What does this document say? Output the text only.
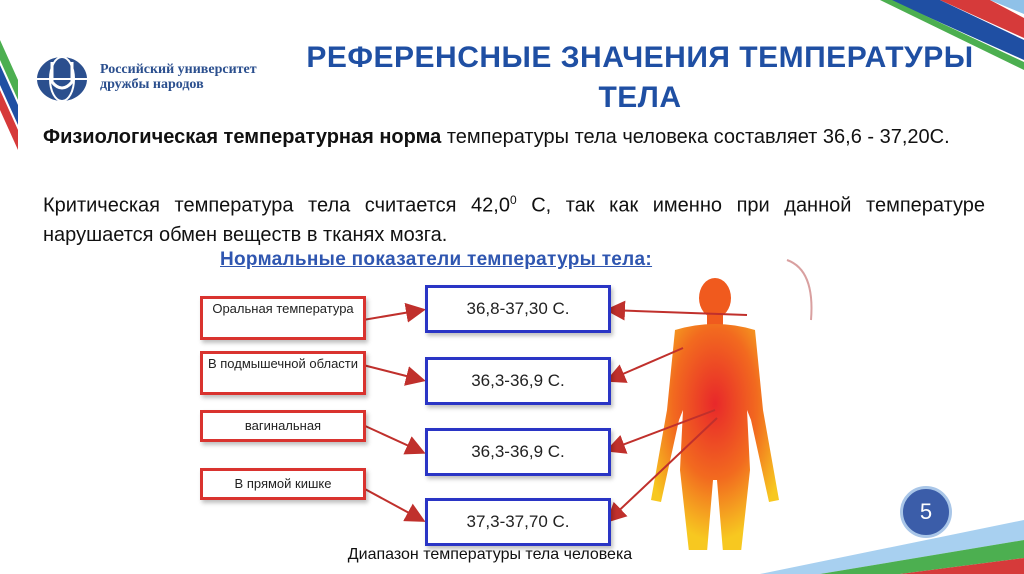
Российский университет
дружбы народов
РЕФЕРЕНСНЫЕ ЗНАЧЕНИЯ ТЕМПЕРАТУРЫ
ТЕЛА
Физиологическая температурная норма температуры тела человека составляет 36,6 - 37,20С.
Критическая температура тела считается 42,0$^0$ С, так как именно при данной температуре нарушается обмен веществ в тканях мозга.
Нормальные показатели температуры тела:
Оральная температура
В подмышечной области
вагинальная
В прямой кишке
36,8-37,30 С.
36,3-36,9 С.
36,3-36,9 С.
37,3-37,70 С.
Диапазон температуры тела человека
5
